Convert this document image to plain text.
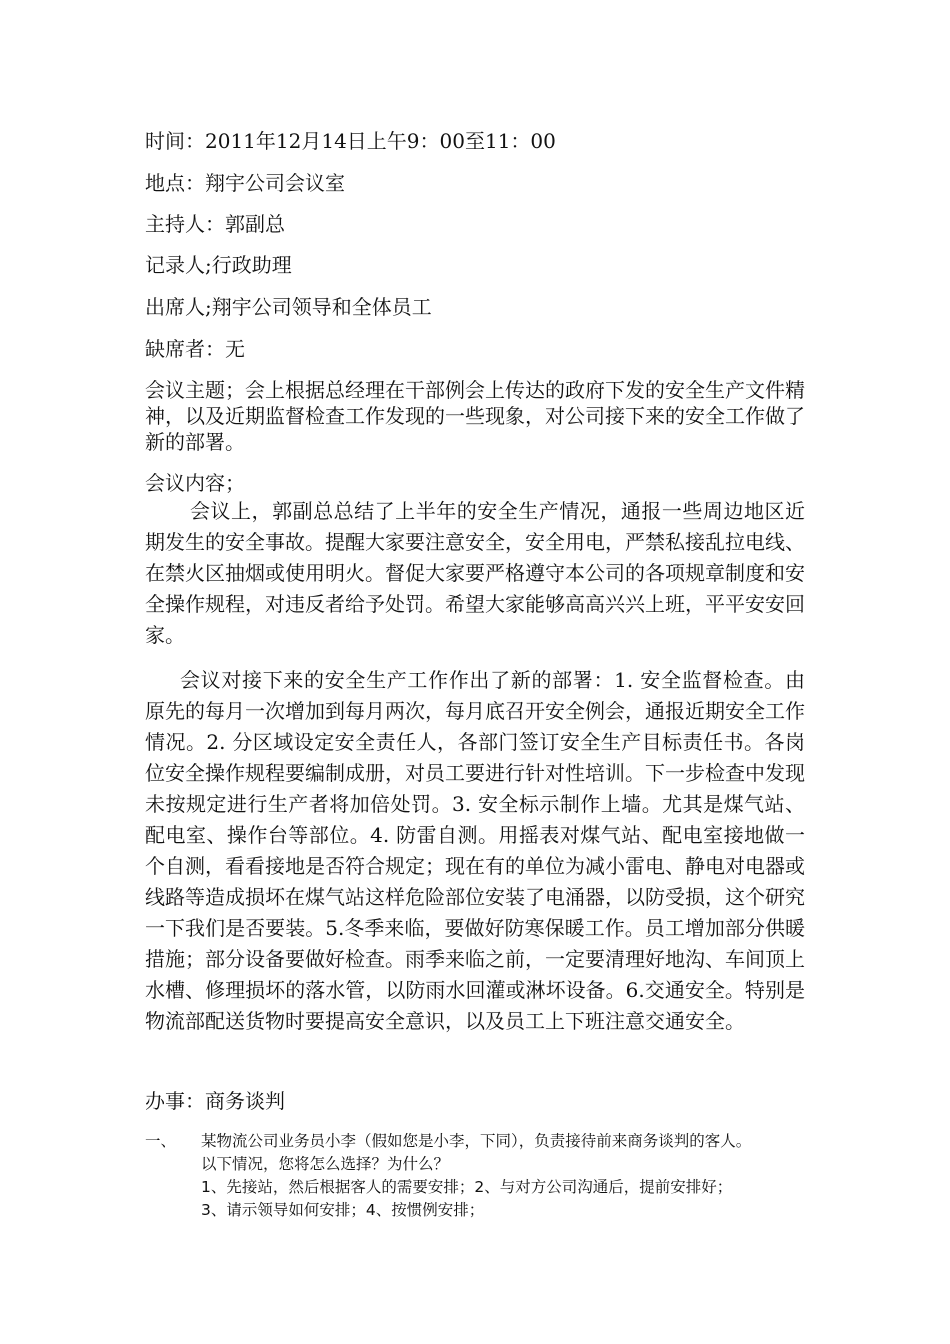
时间：2011年12月14日上午9：00至11：00
地点：翔宇公司会议室
主持人：郭副总
记录人;行政助理
出席人;翔宇公司领导和全体员工
缺席者：无
会议主题；会上根据总经理在干部例会上传达的政府下发的安全生产文件精神，以及近期监督检查工作发现的一些现象，对公司接下来的安全工作做了新的部署。
会议内容；
会议上，郭副总总结了上半年的安全生产情况，通报一些周边地区近期发生的安全事故。提醒大家要注意安全，安全用电，严禁私接乱拉电线、在禁火区抽烟或使用明火。督促大家要严格遵守本公司的各项规章制度和安全操作规程，对违反者给予处罚。希望大家能够高高兴兴上班，平平安安回家。
会议对接下来的安全生产工作作出了新的部署：1. 安全监督检查。由原先的每月一次增加到每月两次，每月底召开安全例会，通报近期安全工作情况。2. 分区域设定安全责任人，各部门签订安全生产目标责任书。各岗位安全操作规程要编制成册，对员工要进行针对性培训。下一步检查中发现未按规定进行生产者将加倍处罚。3. 安全标示制作上墙。尤其是煤气站、配电室、操作台等部位。4. 防雷自测。用摇表对煤气站、配电室接地做一个自测，看看接地是否符合规定；现在有的单位为减小雷电、静电对电器或线路等造成损坏在煤气站这样危险部位安装了电涌器，以防受损，这个研究一下我们是否要装。5.冬季来临，要做好防寒保暖工作。员工增加部分供暖措施；部分设备要做好检查。雨季来临之前，一定要清理好地沟、车间顶上水槽、修理损坏的落水管，以防雨水回灌或淋坏设备。6.交通安全。特别是物流部配送货物时要提高安全意识，以及员工上下班注意交通安全。
办事：商务谈判
一、	某物流公司业务员小李（假如您是小李，下同），负责接待前来商务谈判的客人。
以下情况，您将怎么选择？为什么？
1、先接站，然后根据客人的需要安排；2、与对方公司沟通后，提前安排好；
3、请示领导如何安排；4、按惯例安排；
